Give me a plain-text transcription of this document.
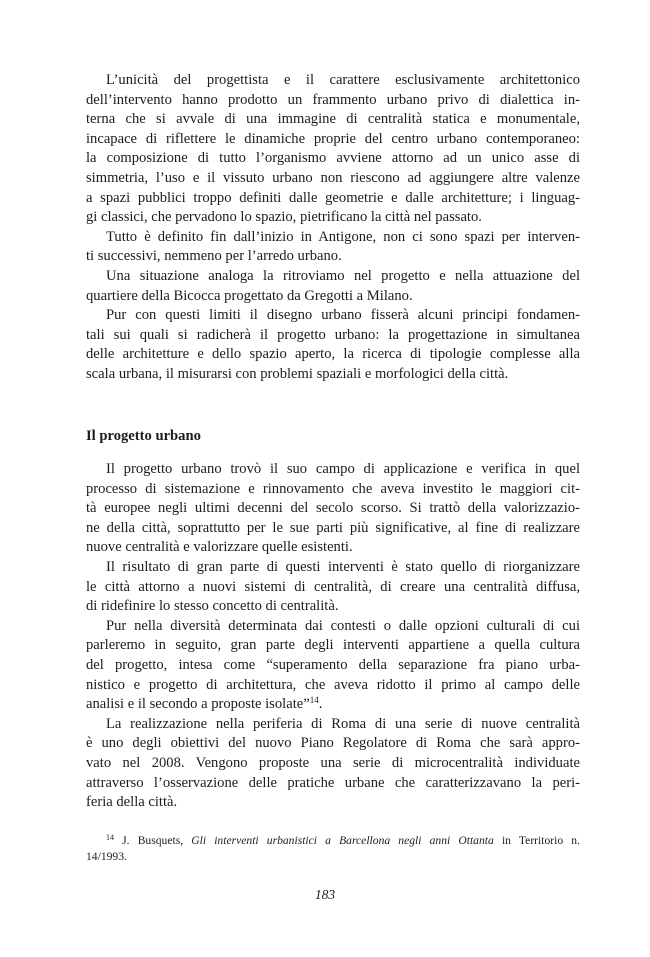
L’unicità del progettista e il carattere esclusivamente architettonico
dell’intervento hanno prodotto un frammento urbano privo di dialettica in-
terna che si avvale di una immagine di centralità statica e monumentale,
incapace di riflettere le dinamiche proprie del centro urbano contemporaneo:
la composizione di tutto l’organismo avviene attorno ad un unico asse di
simmetria, l’uso e il vissuto urbano non riescono ad aggiungere altre valenze
a spazi pubblici troppo definiti dalle geometrie e dalle architetture; i linguag-
gi classici, che pervadono lo spazio, pietrificano la città nel passato.

Tutto è definito fin dall’inizio in Antigone, non ci sono spazi per interven-
ti successivi, nemmeno per l’arredo urbano.

Una situazione analoga la ritroviamo nel progetto e nella attuazione del
quartiere della Bicocca progettato da Gregotti a Milano.

Pur con questi limiti il disegno urbano fisserà alcuni principi fondamen-
tali sui quali si radicherà il progetto urbano: la progettazione in simultanea
delle architetture e dello spazio aperto, la ricerca di tipologie complesse alla
scala urbana, il misurarsi con problemi spaziali e morfologici della città.

Il progetto urbano

Il progetto urbano trovò il suo campo di applicazione e verifica in quel
processo di sistemazione e rinnovamento che aveva investito le maggiori cit-
tà europee negli ultimi decenni del secolo scorso. Si trattò della valorizzazio-
ne della città, soprattutto per le sue parti più significative, al fine di realizzare
nuove centralità e valorizzare quelle esistenti.

Il risultato di gran parte di questi interventi è stato quello di riorganizzare
le città attorno a nuovi sistemi di centralità, di creare una centralità diffusa,
di ridefinire lo stesso concetto di centralità.

Pur nella diversità determinata dai contesti o dalle opzioni culturali di cui
parleremo in seguito, gran parte degli interventi appartiene a quella cultura
del progetto, intesa come “superamento della separazione fra piano urba-
nistico e progetto di architettura, che aveva ridotto il primo al campo delle
analisi e il secondo a proposte isolate”$^{14}$.

La realizzazione nella periferia di Roma di una serie di nuove centralità
è uno degli obiettivi del nuovo Piano Regolatore di Roma che sarà appro-
vato nel 2008. Vengono proposte una serie di microcentralità individuate
attraverso l’osservazione delle pratiche urbane che caratterizzavano la peri-
feria della città.

$^{14}$ J. Busquets, Gli interventi urbanistici a Barcellona negli anni Ottanta in Territorio n.
14/1993.
183
